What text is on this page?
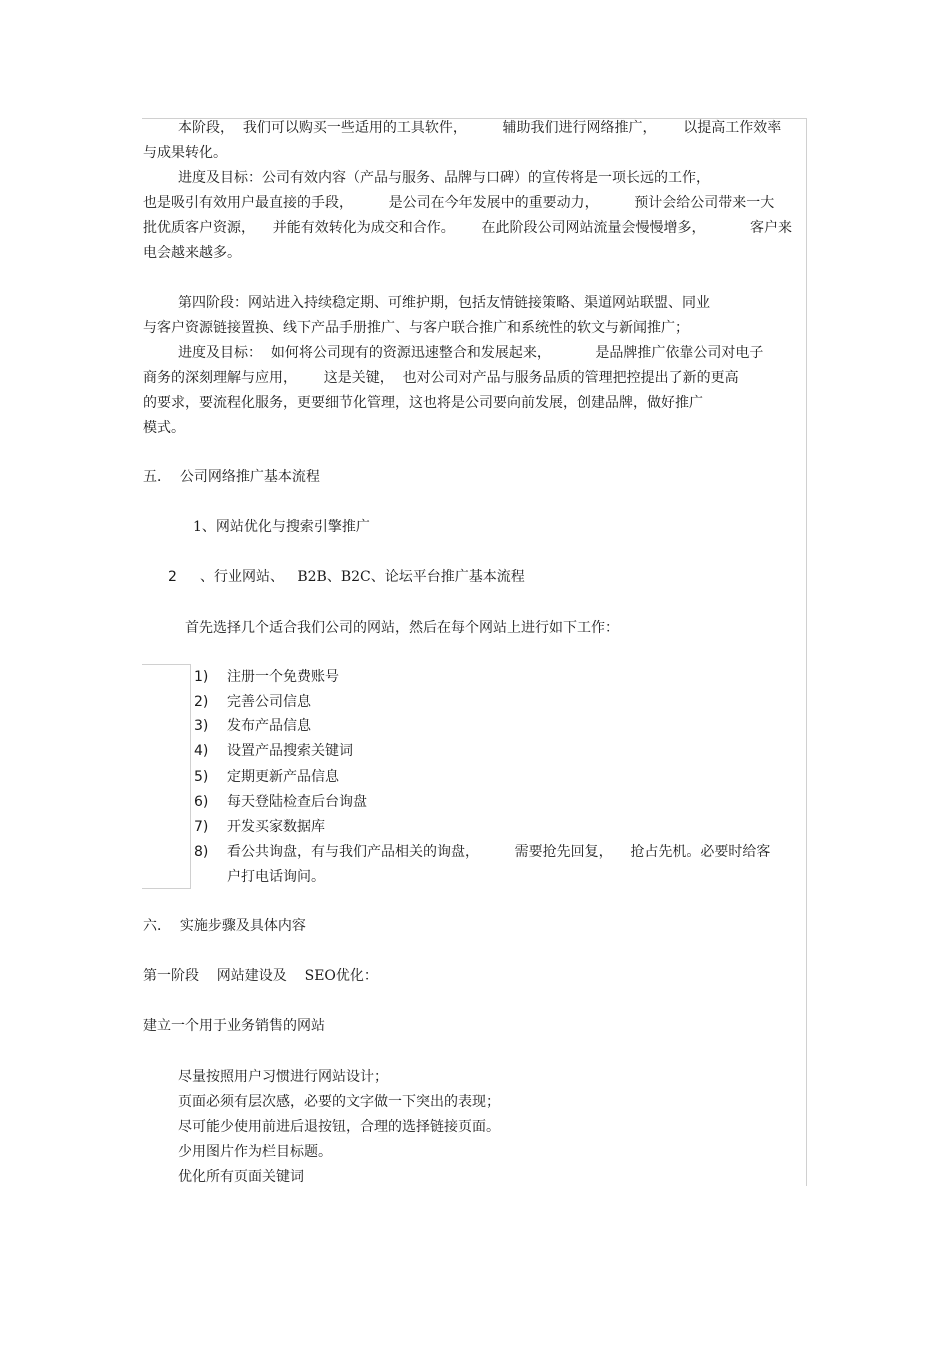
本阶段，  我们可以购买一些适用的工具软件，        辅助我们进行网络推广，      以提高工作效率
与成果转化。
进度及目标：公司有效内容（产品与服务、品牌与口碑）的宣传将是一项长远的工作，
也是吸引有效用户最直接的手段，        是公司在今年发展中的重要动力，        预计会给公司带来一大
批优质客户资源，    并能有效转化为成交和合作。      在此阶段公司网站流量会慢慢增多，          客户来
电会越来越多。
第四阶段：网站进入持续稳定期、可维护期，包括友情链接策略、渠道网站联盟、同业
与客户资源链接置换、线下产品手册推广、与客户联合推广和系统性的软文与新闻推广；
进度及目标：  如何将公司现有的资源迅速整合和发展起来，          是品牌推广依靠公司对电子
商务的深刻理解与应用，      这是关键，  也对公司对产品与服务品质的管理把控提出了新的更高
的要求，要流程化服务，更要细节化管理，这也将是公司要向前发展，创建品牌，做好推广
模式。
五．  公司网络推广基本流程
1、网站优化与搜索引擎推广
2 、行业网站、   B2B、B2C、论坛平台推广基本流程
首先选择几个适合我们公司的网站，然后在每个网站上进行如下工作：
1) 注册一个免费账号
2) 完善公司信息
3) 发布产品信息
4) 设置产品搜索关键词
5) 定期更新产品信息
6) 每天登陆检查后台询盘
7) 开发买家数据库
8) 看公共询盘，有与我们产品相关的询盘，        需要抢先回复，    抢占先机。必要时给客
户打电话询问。
六．  实施步骤及具体内容
第一阶段    网站建设及    SEO优化：
建立一个用于业务销售的网站
尽量按照用户习惯进行网站设计；
页面必须有层次感，必要的文字做一下突出的表现；
尽可能少使用前进后退按钮，合理的选择链接页面。
少用图片作为栏目标题。
优化所有页面关键词
